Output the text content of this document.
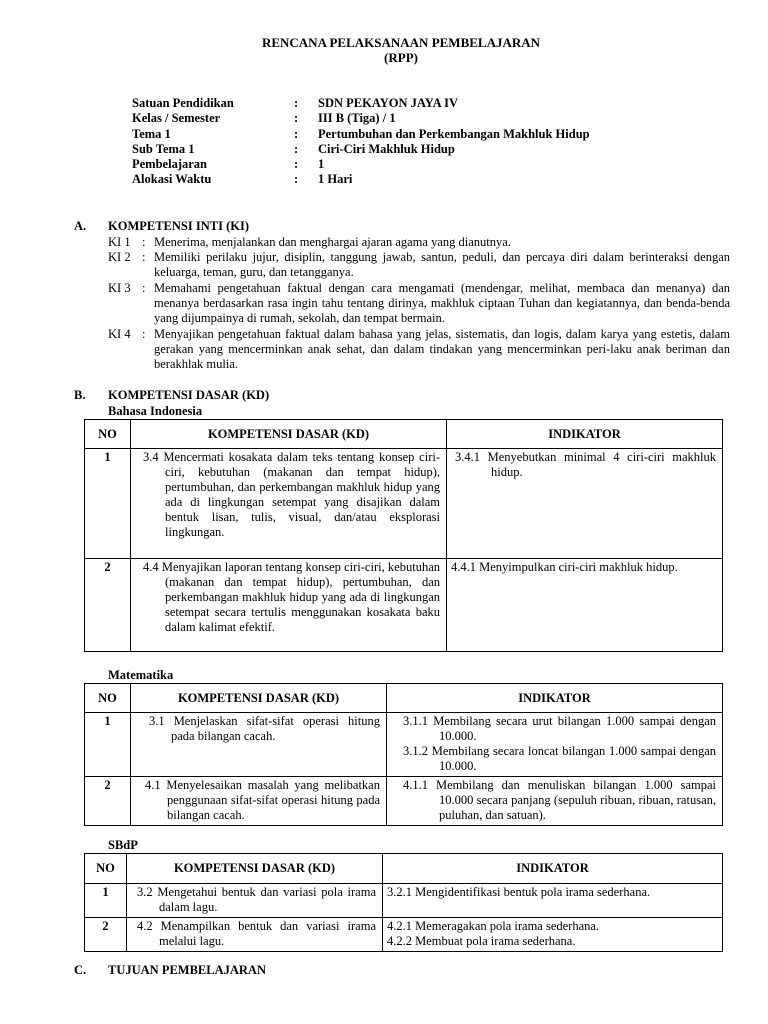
RENCANA PELAKSANAAN PEMBELAJARAN
(RPP)
Satuan Pendidikan	:	SDN PEKAYON JAYA IV
Kelas / Semester	:	III B (Tiga) / 1
Tema 1	:	Pertumbuhan dan Perkembangan Makhluk Hidup
Sub Tema 1	:	Ciri-Ciri Makhluk Hidup
Pembelajaran	:	1
Alokasi Waktu	:	1 Hari
A. KOMPETENSI INTI (KI)
KI 1 : Menerima, menjalankan dan menghargai ajaran agama yang dianutnya.
KI 2 : Memiliki perilaku jujur, disiplin, tanggung jawab, santun, peduli, dan percaya diri dalam berinteraksi dengan keluarga, teman, guru, dan tetangganya.
KI 3 : Memahami pengetahuan faktual dengan cara mengamati (mendengar, melihat, membaca dan menanya) dan menanya berdasarkan rasa ingin tahu tentang dirinya, makhluk ciptaan Tuhan dan kegiatannya, dan benda-benda yang dijumpainya di rumah, sekolah, dan tempat bermain.
KI 4 : Menyajikan pengetahuan faktual dalam bahasa yang jelas, sistematis, dan logis, dalam karya yang estetis, dalam gerakan yang mencerminkan anak sehat, dan dalam tindakan yang mencerminkan peri-laku anak beriman dan berakhlak mulia.
B. KOMPETENSI DASAR (KD)
Bahasa Indonesia
NO	KOMPETENSI DASAR (KD)	INDIKATOR
1	3.4 Mencermati kosakata dalam teks tentang konsep ciri-ciri, kebutuhan (makanan dan tempat hidup), pertumbuhan, dan perkembangan makhluk hidup yang ada di lingkungan setempat yang disajikan dalam bentuk lisan, tulis, visual, dan/atau eksplorasi lingkungan.	3.4.1 Menyebutkan minimal 4 ciri-ciri makhluk hidup.

2	4.4 Menyajikan laporan tentang konsep ciri-ciri, kebutuhan (makanan dan tempat hidup), pertumbuhan, dan perkembangan makhluk hidup yang ada di lingkungan setempat secara tertulis menggunakan kosakata baku dalam kalimat efektif.	4.4.1 Menyimpulkan ciri-ciri makhluk hidup.
Matematika
NO	KOMPETENSI DASAR (KD)	INDIKATOR
1	3.1 Menjelaskan sifat-sifat operasi hitung pada bilangan cacah.	3.1.1 Membilang secara urut bilangan 1.000 sampai dengan 10.000.
3.1.2 Membilang secara loncat bilangan 1.000 sampai dengan 10.000.

2	4.1 Menyelesaikan masalah yang melibatkan penggunaan sifat-sifat operasi hitung pada bilangan cacah.	4.1.1 Membilang dan menuliskan bilangan 1.000 sampai 10.000 secara panjang (sepuluh ribuan, ribuan, ratusan, puluhan, dan satuan).
SBdP
NO	KOMPETENSI DASAR (KD)	INDIKATOR
1	3.2 Mengetahui bentuk dan variasi pola irama dalam lagu.	3.2.1 Mengidentifikasi bentuk pola irama sederhana.
2	4.2 Menampilkan bentuk dan variasi irama melalui lagu.	4.2.1 Memeragakan pola irama sederhana.
4.2.2 Membuat pola irama sederhana.
C. TUJUAN PEMBELAJARAN
